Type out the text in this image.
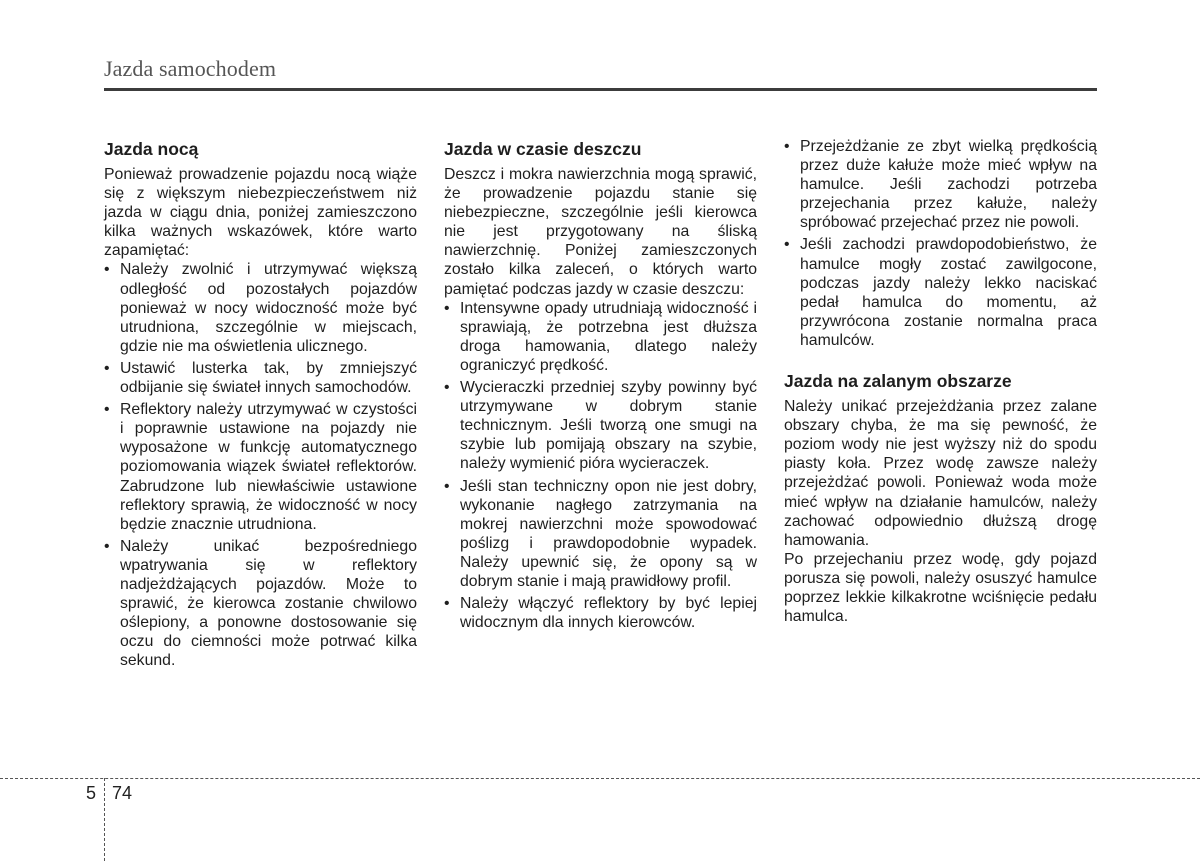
Jazda samochodem
Jazda nocą

Ponieważ prowadzenie pojazdu nocą wiąże się z większym niebezpieczeństwem niż jazda w ciągu dnia, poniżej zamieszczono kilka ważnych wskazówek, które warto zapamiętać:

• Należy zwolnić i utrzymywać większą odległość od pozostałych pojazdów ponieważ w nocy widoczność może być utrudniona, szczególnie w miejscach, gdzie nie ma oświetlenia ulicznego.
• Ustawić lusterka tak, by zmniejszyć odbijanie się świateł innych samochodów.
• Reflektory należy utrzymywać w czystości i poprawnie ustawione na pojazdy nie wyposażone w funkcję automatycznego poziomowania wiązek świateł reflektorów. Zabrudzone lub niewłaściwie ustawione reflektory sprawią, że widoczność w nocy będzie znacznie utrudniona.
• Należy unikać bezpośredniego wpatrywania się w reflektory nadjeżdżających pojazdów. Może to sprawić, że kierowca zostanie chwilowo oślepiony, a ponowne dostosowanie się oczu do ciemności może potrwać kilka sekund.
Jazda w czasie deszczu

Deszcz i mokra nawierzchnia mogą sprawić, że prowadzenie pojazdu stanie się niebezpieczne, szczególnie jeśli kierowca nie jest przygotowany na śliską nawierzchnię. Poniżej zamieszczonych zostało kilka zaleceń, o których warto pamiętać podczas jazdy w czasie deszczu:

• Intensywne opady utrudniają widoczność i sprawiają, że potrzebna jest dłuższa droga hamowania, dlatego należy ograniczyć prędkość.
• Wycieraczki przedniej szyby powinny być utrzymywane w dobrym stanie technicznym. Jeśli tworzą one smugi na szybie lub pomijają obszary na szybie, należy wymienić pióra wycieraczek.
• Jeśli stan techniczny opon nie jest dobry, wykonanie nagłego zatrzymania na mokrej nawierzchni może spowodować poślizg i prawdopodobnie wypadek. Należy upewnić się, że opony są w dobrym stanie i mają prawidłowy profil.
• Należy włączyć reflektory by być lepiej widocznym dla innych kierowców.
• Przejeżdżanie ze zbyt wielką prędkością przez duże kałuże może mieć wpływ na hamulce. Jeśli zachodzi potrzeba przejechania przez kałuże, należy spróbować przejechać przez nie powoli.
• Jeśli zachodzi prawdopodobieństwo, że hamulce mogły zostać zawilgocone, podczas jazdy należy lekko naciskać pedał hamulca do momentu, aż przywrócona zostanie normalna praca hamulców.
Jazda na zalanym obszarze

Należy unikać przejeżdżania przez zalane obszary chyba, że ma się pewność, że poziom wody nie jest wyższy niż do spodu piasty koła. Przez wodę zawsze należy przejeżdżać powoli. Ponieważ woda może mieć wpływ na działanie hamulców, należy zachować odpowiednio dłuższą drogę hamowania.

Po przejechaniu przez wodę, gdy pojazd porusza się powoli, należy osuszyć hamulce poprzez lekkie kilkakrotne wciśnięcie pedału hamulca.

5 74
